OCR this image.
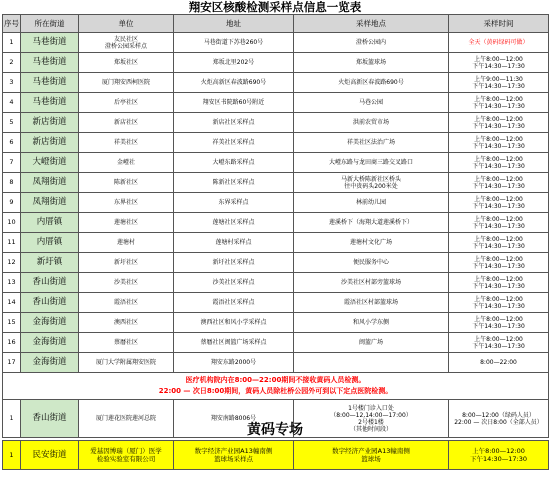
翔安区核酸检测采样点信息一览表
序号	所在街道	单位	地址	采样地点	采样时间
1	马巷街道	友民社区
澄桥公园采样点	马巷街道下苏巷260号	澄桥公园内	全天（黄码绿码可做）
2	马巷街道	郑坂社区	郑坂北里202号	郑坂篮球场	上午8:00—12:00
下午14:30—17:30
3	马巷街道	厦门翔安西柯医院	火炬高新区春波路690号	火炬高新区春波路690号	上午9:00—11:30
下午14:30—17:30
4	马巷街道	后亭社区	翔安区书院路60号附近	马巷公园	上午8:00—12:00
下午14:30—17:30
5	新店街道	新店社区	新店社区采样点	洪前农贸市场	上午8:00—12:00
下午14:30—17:30
6	新店街道	祥美社区	祥美社区采样点	祥美社区法治广场	上午8:00—12:00
下午14:30—17:30
7	大嶝街道	金嶝社	大嶝东路采样点	大嶝东路与龙田商三路交叉路口	上午8:00—12:00
下午14:30—17:30
8	凤翔街道	陈新社区	陈新社区采样点	马新大桥陈新社区桥头
往中贵码头200米处	上午8:00—12:00
下午14:30—17:30
9	凤翔街道	东界社区	东界采样点	林前幼儿园	上午8:00—12:00
下午14:30—17:30
10	内厝镇	莲塘社区	莲塘社区采样点	莲溪桥下（海翔大道莲溪桥下）	上午8:00—12:00
下午14:30—17:30
11	内厝镇	莲塘村	莲塘村采样点	莲塘村文化广场	上午8:00—12:00
下午14:30—17:30
12	新圩镇	新圩社区	新圩社区采样点	便民服务中心	上午8:00—12:00
下午14:30—17:30
13	香山街道	沙美社区	沙美社区采样点	沙美社区村部旁篮球场	上午8:00—12:00
下午14:30—17:30
14	香山街道	霞浯社区	霞浯社区采样点	霞浯社区村部篮球场	上午8:00—12:00
下午14:30—17:30
15	金海街道	澳西社区	澳西社区和风小学采样点	和风小学东侧	上午8:00—12:00
下午14:30—17:30
16	金海街道	蔡暦社区	蔡暦社区闽篮广场采样点	闽篮广场	上午8:00—12:00
下午14:30—17:30
17	金海街道	厦门大学附属翔安医院	翔安东路2000号		8:00—22:00
医疗机构院内在8:00—22:00期间不接收黄码人员检测。
22:00 — 次日8:00期间，黄码人员除杜桥公园外可到以下定点医院检测。					
1	香山街道	厦门莲花医院莲河总院	翔安南路8006号	1号楼门诊入口处
（8:00—12,14:00—17:00）
2号楼1楼
（其他时间段）	8:00—12:00（绿码人员）
22:00 — 次日8:00（全部人员）
黄码专场
1	民安街道	爱基因博瑞（厦门）医学
检验实验室有限公司	数字经济产业园A13幢南侧
篮球场采样点	数字经济产业园A13幢南侧
篮球场	上午8:00—12:00
下午14:30—17:30
